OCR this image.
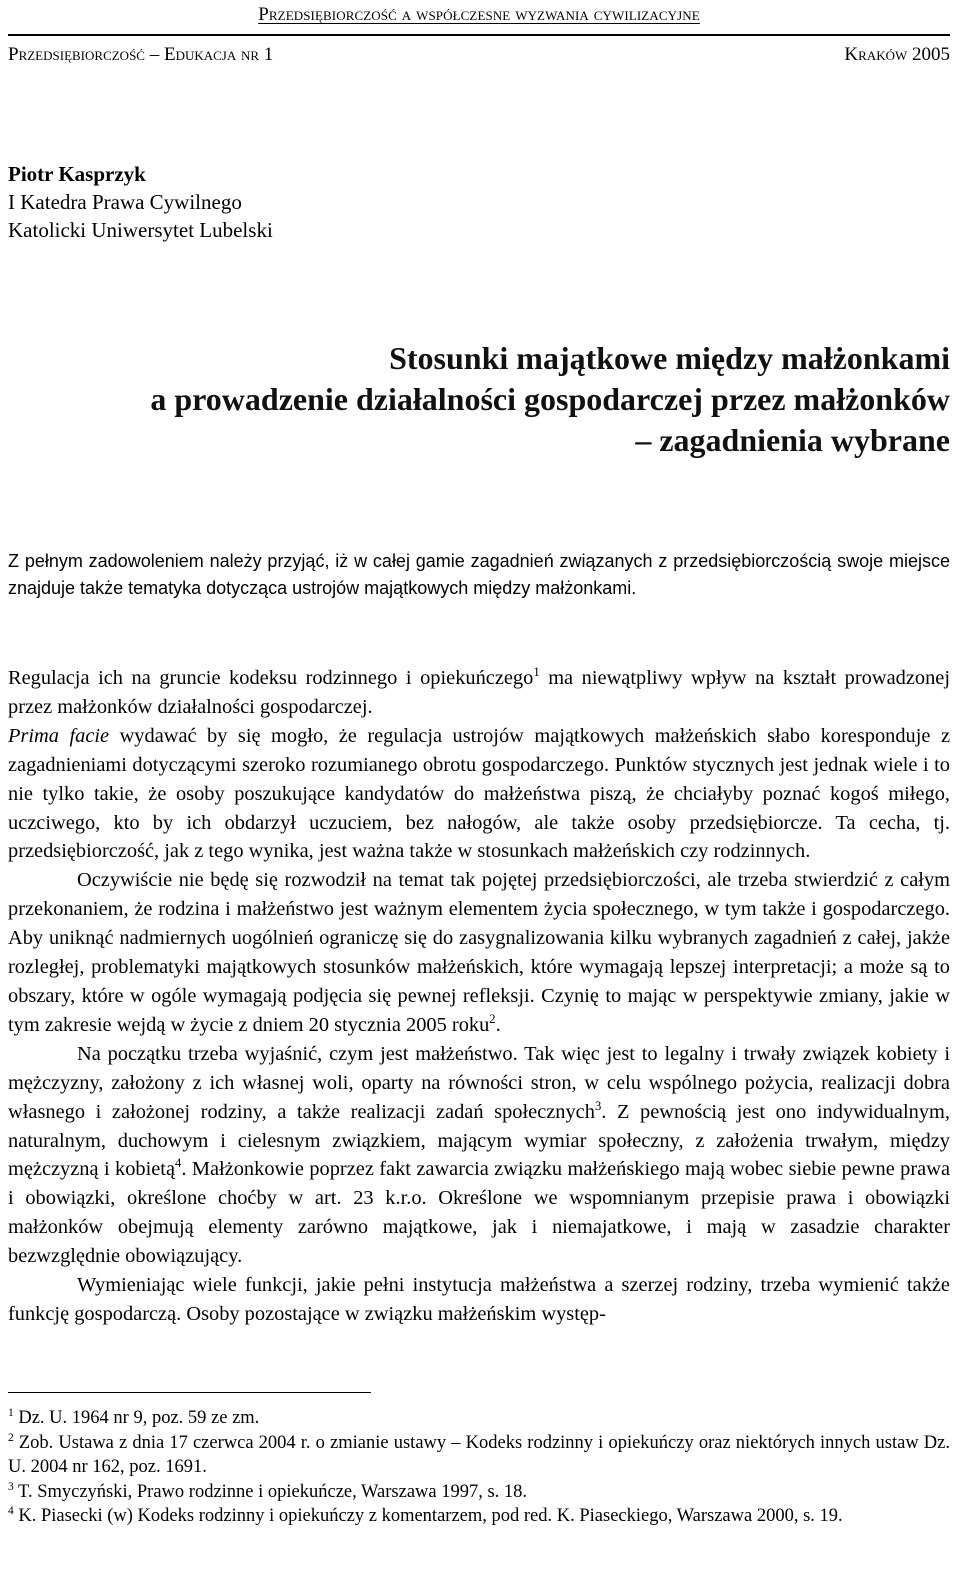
Przedsiębiorczość a współczesne wyzwania cywilizacyjne
Przedsiębiorczość – Edukacja nr 1	Kraków 2005
Piotr Kasprzyk
I Katedra Prawa Cywilnego
Katolicki Uniwersytet Lubelski
Stosunki majątkowe między małżonkami
a prowadzenie działalności gospodarczej przez małżonków
– zagadnienia wybrane
Z pełnym zadowoleniem należy przyjąć, iż w całej gamie zagadnień związanych z przedsiębiorczością swoje miejsce znajduje także tematyka dotycząca ustrojów majątkowych między małżonkami.

Regulacja ich na gruncie kodeksu rodzinnego i opiekuńczego$^1$ ma niewątpliwy wpływ na kształt prowadzonej przez małżonków działalności gospodarczej.

Prima facie wydawać by się mogło, że regulacja ustrojów majątkowych małżeńskich słabo koresponduje z zagadnieniami dotyczącymi szeroko rozumianego obrotu gospodarczego. Punktów stycznych jest jednak wiele i to nie tylko takie, że osoby poszukujące kandydatów do małżeństwa piszą, że chciałyby poznać kogoś miłego, uczciwego, kto by ich obdarzył uczuciem, bez nałogów, ale także osoby przedsiębiorcze. Ta cecha, tj. przedsiębiorczość, jak z tego wynika, jest ważna także w stosunkach małżeńskich czy rodzinnych.

Oczywiście nie będę się rozwodził na temat tak pojętej przedsiębiorczości, ale trzeba stwierdzić z całym przekonaniem, że rodzina i małżeństwo jest ważnym elementem życia społecznego, w tym także i gospodarczego. Aby uniknąć nadmiernych uogólnień ograniczę się do zasygnalizowania kilku wybranych zagadnień z całej, jakże rozległej, problematyki majątkowych stosunków małżeńskich, które wymagają lepszej interpretacji; a może są to obszary, które w ogóle wymagają podjęcia się pewnej refleksji. Czynię to mając w perspektywie zmiany, jakie w tym zakresie wejdą w życie z dniem 20 stycznia 2005 roku$^2$.

Na początku trzeba wyjaśnić, czym jest małżeństwo. Tak więc jest to legalny i trwały związek kobiety i mężczyzny, założony z ich własnej woli, oparty na równości stron, w celu wspólnego pożycia, realizacji dobra własnego i założonej rodziny, a także realizacji zadań społecznych$^3$. Z pewnością jest ono indywidualnym, naturalnym, duchowym i cielesnym związkiem, mającym wymiar społeczny, z założenia trwałym, między mężczyzną i kobietą$^4$. Małżonkowie poprzez fakt zawarcia związku małżeńskiego mają wobec siebie pewne prawa i obowiązki, określone choćby w art. 23 k.r.o. Określone we wspomnianym przepisie prawa i obowiązki małżonków obejmują elementy zarówno majątkowe, jak i niemajatkowe, i mają w zasadzie charakter bezwzględnie obowiązujący.

Wymieniając wiele funkcji, jakie pełni instytucja małżeństwa a szerzej rodziny, trzeba wymienić także funkcję gospodarczą. Osoby pozostające w związku małżeńskim występ-

$^1$ Dz. U. 1964 nr 9, poz. 59 ze zm.

$^2$ Zob. Ustawa z dnia 17 czerwca 2004 r. o zmianie ustawy – Kodeks rodzinny i opiekuńczy oraz niektórych innych ustaw Dz. U. 2004 nr 162, poz. 1691.

$^3$ T. Smyczyński, Prawo rodzinne i opiekuńcze, Warszawa 1997, s. 18.

$^4$ K. Piasecki (w) Kodeks rodzinny i opiekuńczy z komentarzem, pod red. K. Piaseckiego, Warszawa 2000, s. 19.
